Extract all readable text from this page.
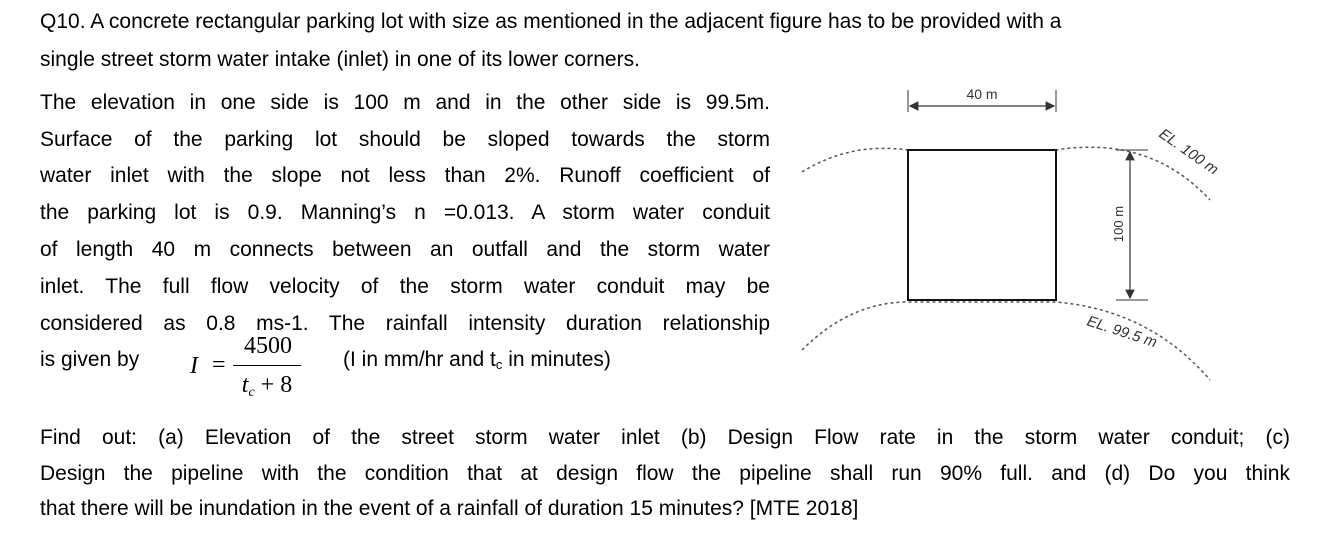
Q10. A concrete rectangular parking lot with size as mentioned in the adjacent figure has to be provided with a
single street storm water intake (inlet) in one of its lower corners.
The elevation in one side is 100 m and in the other side is 99.5m.
Surface of the parking lot should be sloped towards the storm
water inlet with the slope not less than 2%. Runoff coefficient of
the parking lot is 0.9. Manning’s n =0.013. A storm water conduit
of length 40 m connects between an outfall and the storm water
inlet. The full flow velocity of the storm water conduit may be
considered as 0.8 ms-1. The rainfall intensity duration relationship
is given by I =
4500
$t_c + 8$
(I in mm/hr and $t_c$ in minutes)
Find out: (a) Elevation of the street storm water inlet (b) Design Flow rate in the storm water conduit; (c)
Design the pipeline with the condition that at design flow the pipeline shall run 90% full. and (d) Do you think
that there will be inundation in the event of a rainfall of duration 15 minutes? [MTE 2018]
40 m
100 m
EL. 100 m
EL. 99.5 m
